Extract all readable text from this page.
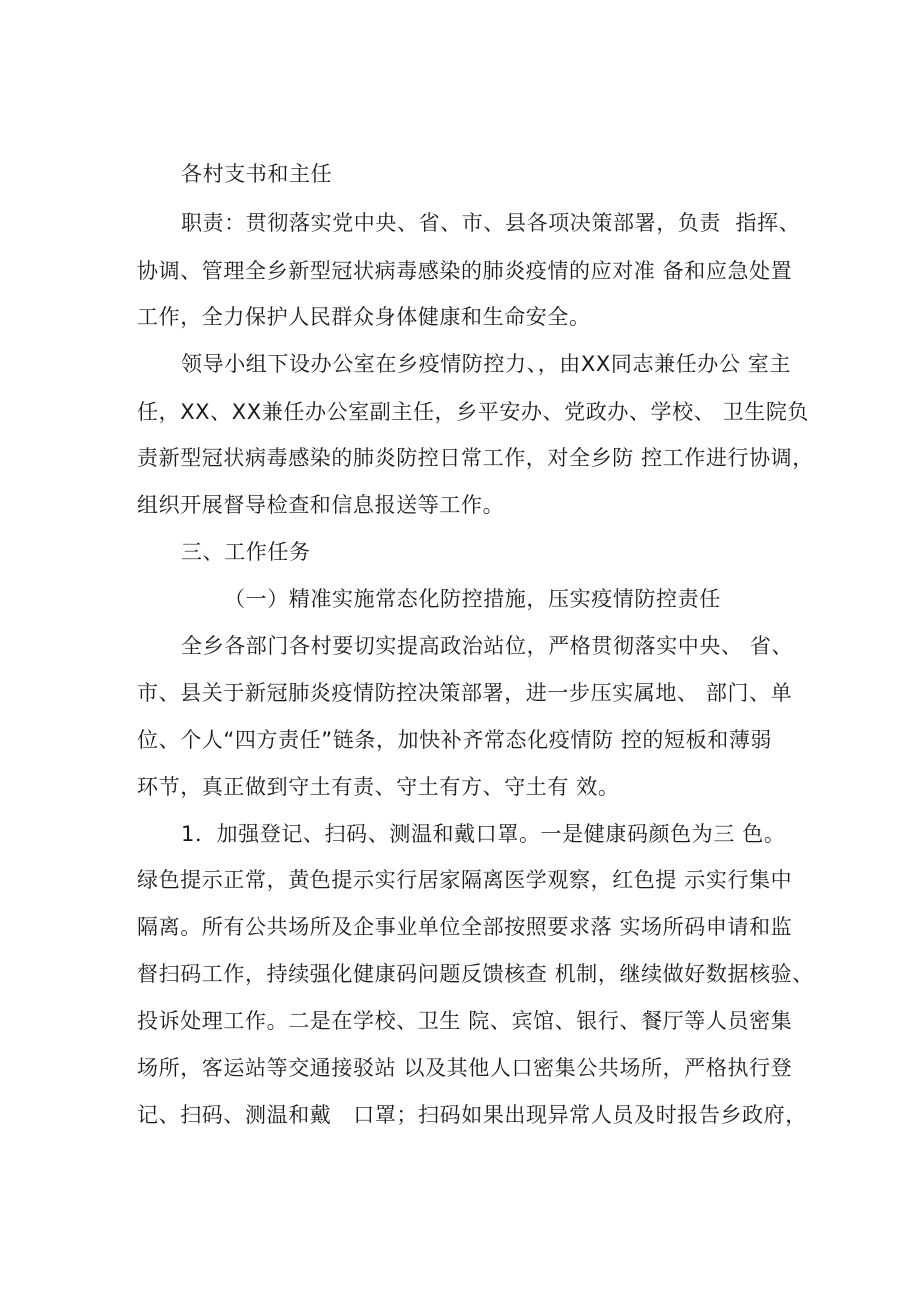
各村支书和主任
职责：贯彻落实党中央、省、市、县各项决策部署，负责  指挥、
协调、管理全乡新型冠状病毒感染的肺炎疫情的应对准 备和应急处置
工作，全力保护人民群众身体健康和生命安全。
领导小组下设办公室在乡疫情防控力、，由XX同志兼任办公 室主
任，XX、XX兼任办公室副主任，乡平安办、党政办、学校、 卫生院负
责新型冠状病毒感染的肺炎防控日常工作，对全乡防 控工作进行协调，
组织开展督导检查和信息报送等工作。
三、工作任务
（一）精准实施常态化防控措施，压实疫情防控责任
全乡各部门各村要切实提高政治站位，严格贯彻落实中央、 省、
市、县关于新冠肺炎疫情防控决策部署，进一步压实属地、 部门、单
位、个人“四方责任”链条，加快补齐常态化疫情防 控的短板和薄弱
环节，真正做到守土有责、守土有方、守土有 效。
1．加强登记、扫码、测温和戴口罩。一是健康码颜色为三 色。
绿色提示正常，黄色提示实行居家隔离医学观察，红色提 示实行集中
隔离。所有公共场所及企事业单位全部按照要求落 实场所码申请和监
督扫码工作，持续强化健康码问题反馈核查 机制，继续做好数据核验、
投诉处理工作。二是在学校、卫生 院、宾馆、银行、餐厅等人员密集
场所，客运站等交通接驳站 以及其他人口密集公共场所，严格执行登
记、扫码、测温和戴   口罩；扫码如果出现异常人员及时报告乡政府，
